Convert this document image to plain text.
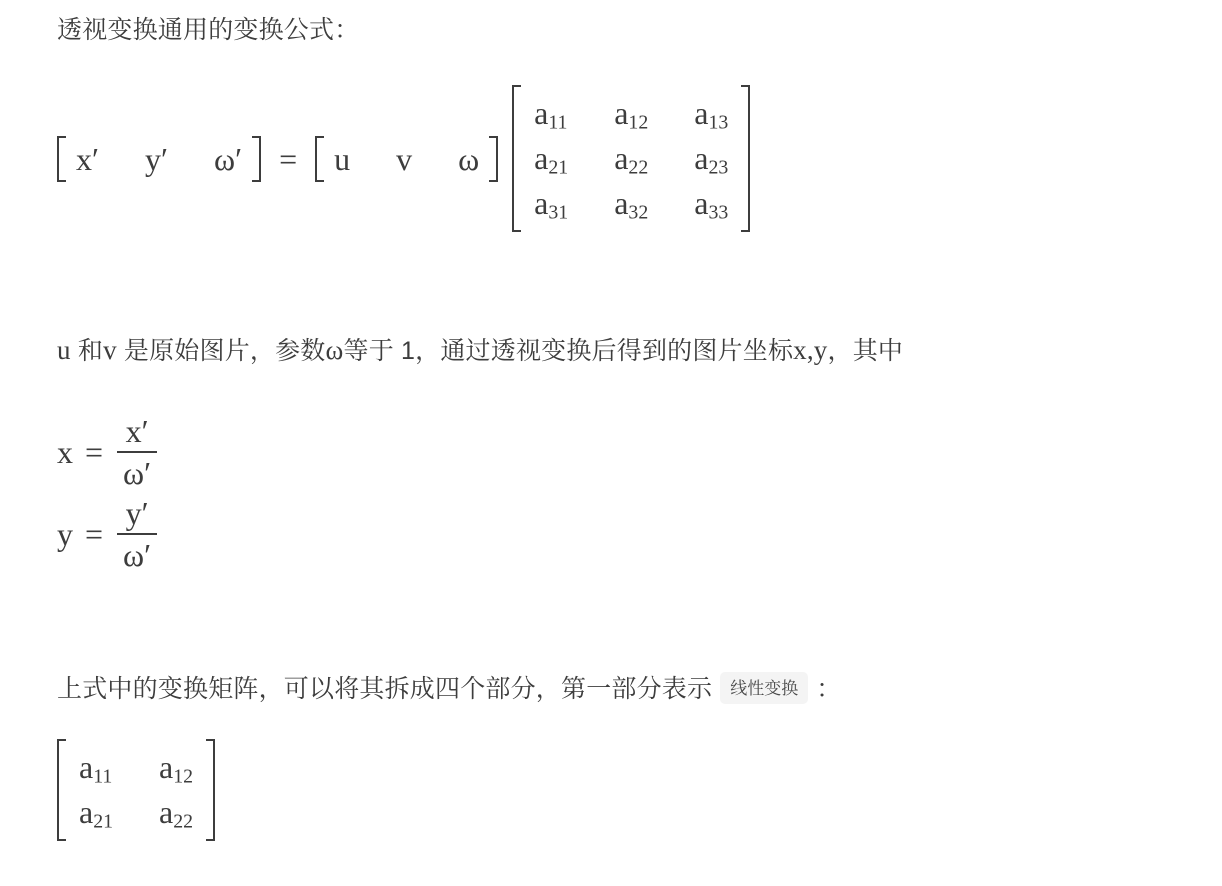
透视变换通用的变换公式：

x′ y′ ω′ = u v ω
$a_{11}$ $a_{12}$ $a_{13}$
$a_{21}$ $a_{22}$ $a_{23}$
$a_{31}$ $a_{32}$ $a_{33}$

u 和v 是原始图片，参数ω等于 1，通过透视变换后得到的图片坐标x,y，其中

$x = \frac{x'}{\omega'}$
$y = \frac{y'}{\omega'}$

上式中的变换矩阵，可以将其拆成四个部分，第一部分表示 线性变换 ：

$a_{11}$ $a_{12}$
$a_{21}$ $a_{22}$
